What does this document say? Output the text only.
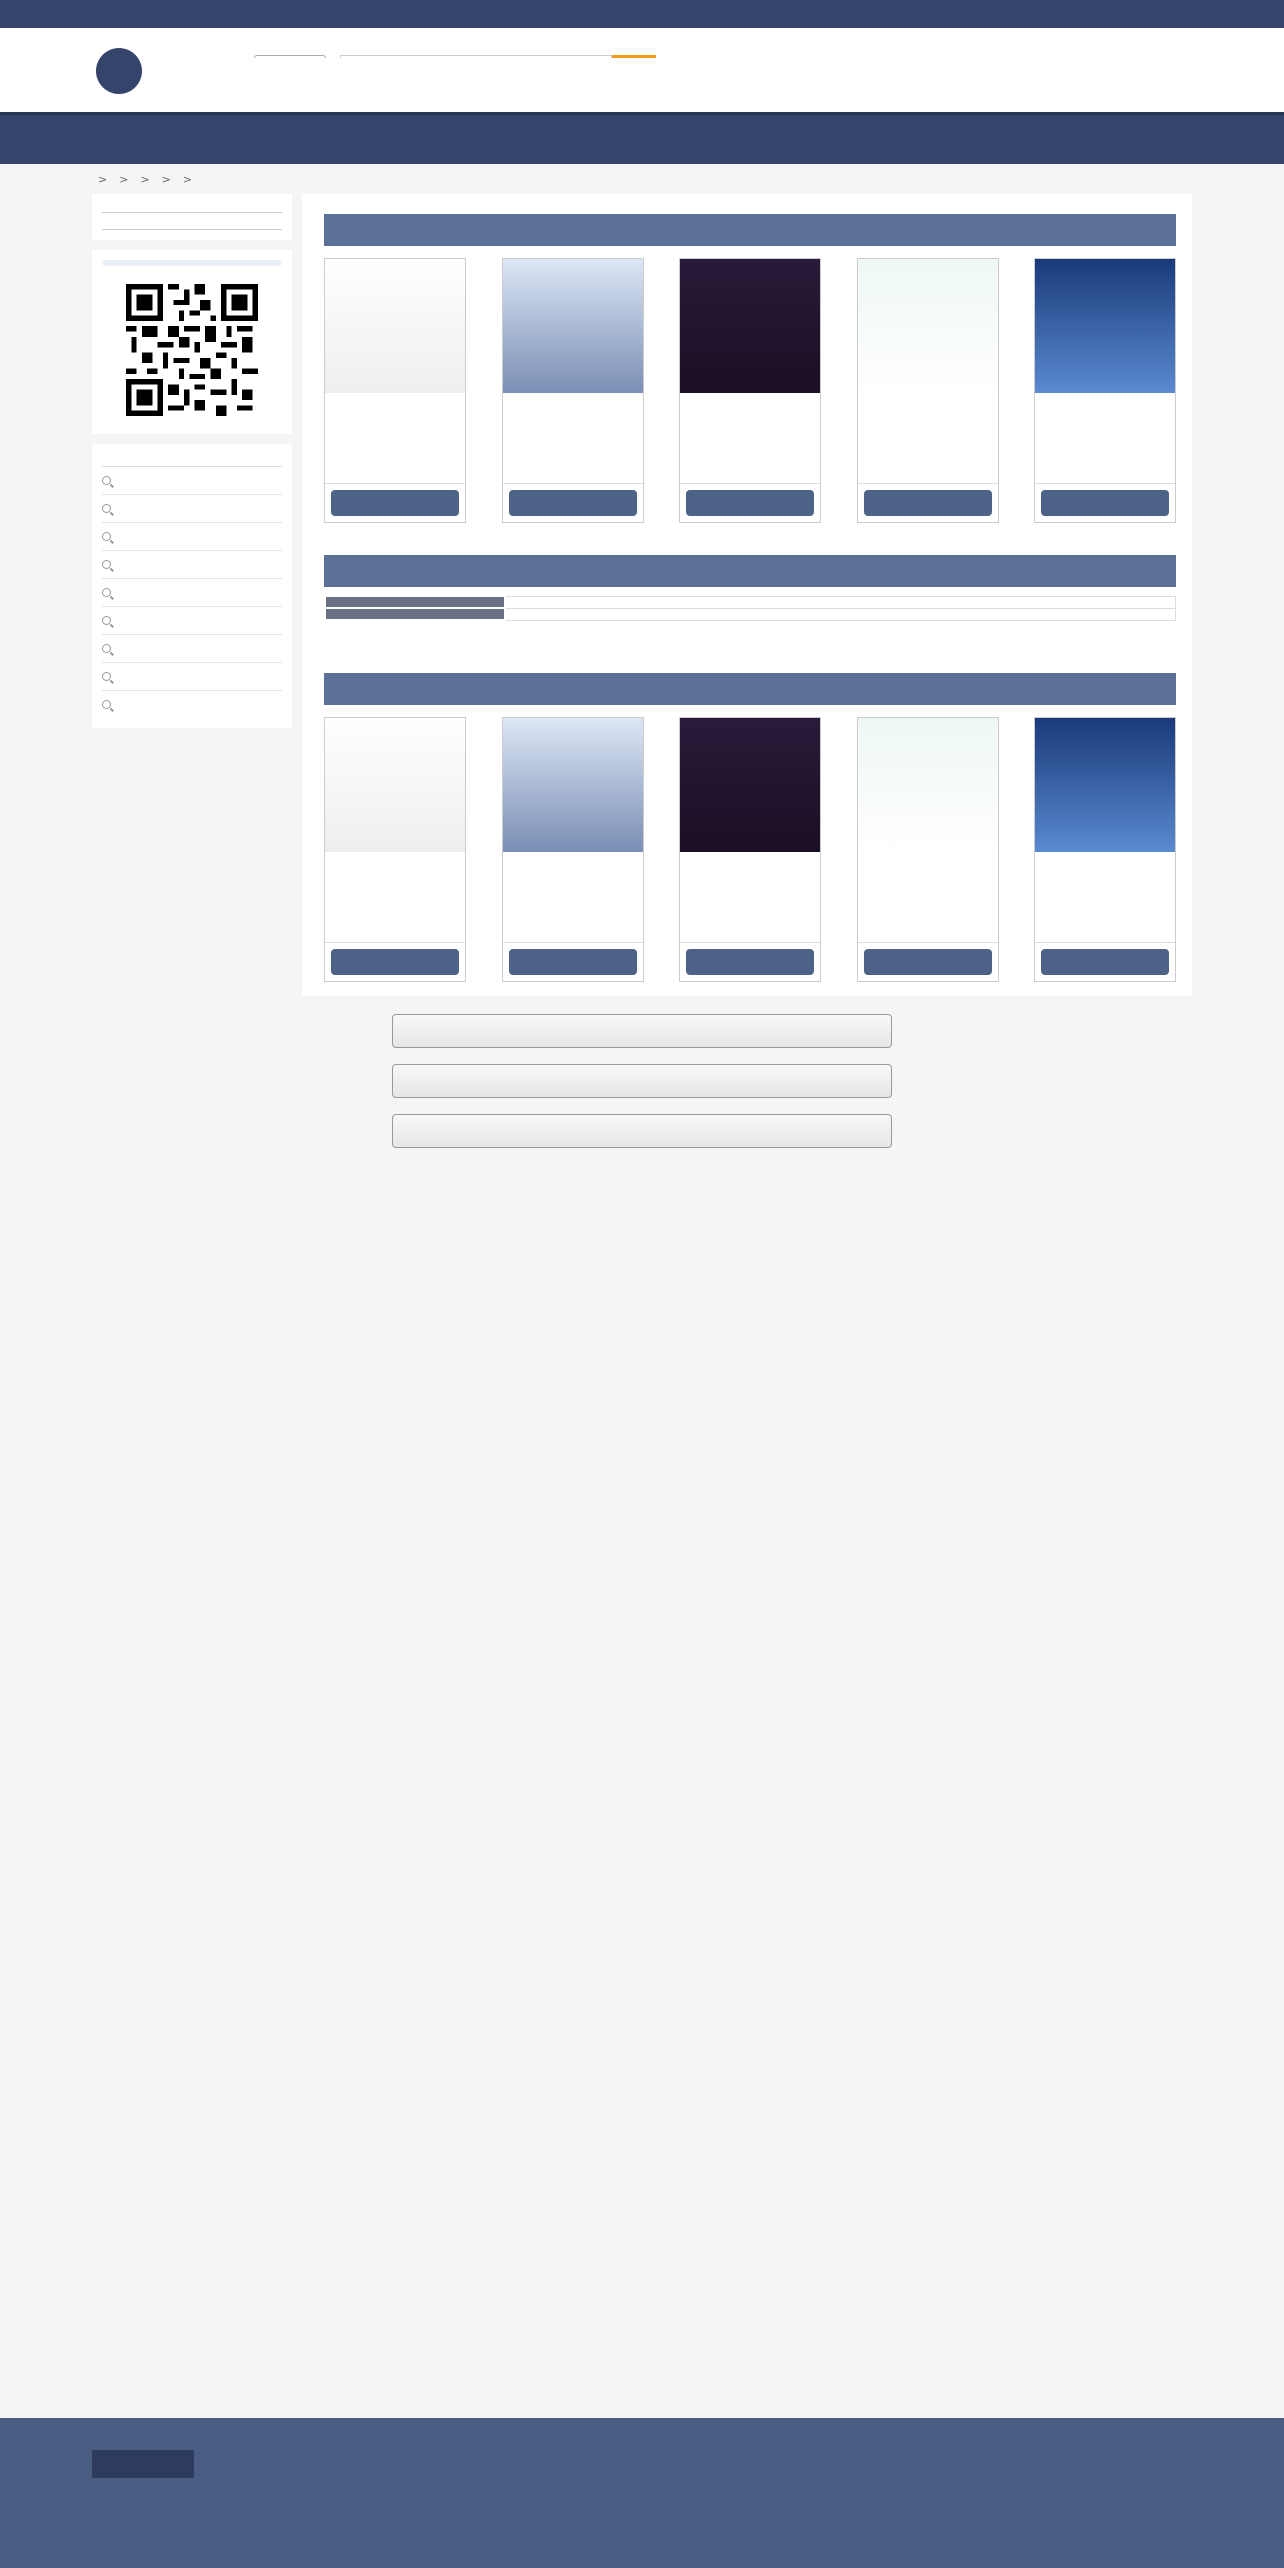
> > > > >
